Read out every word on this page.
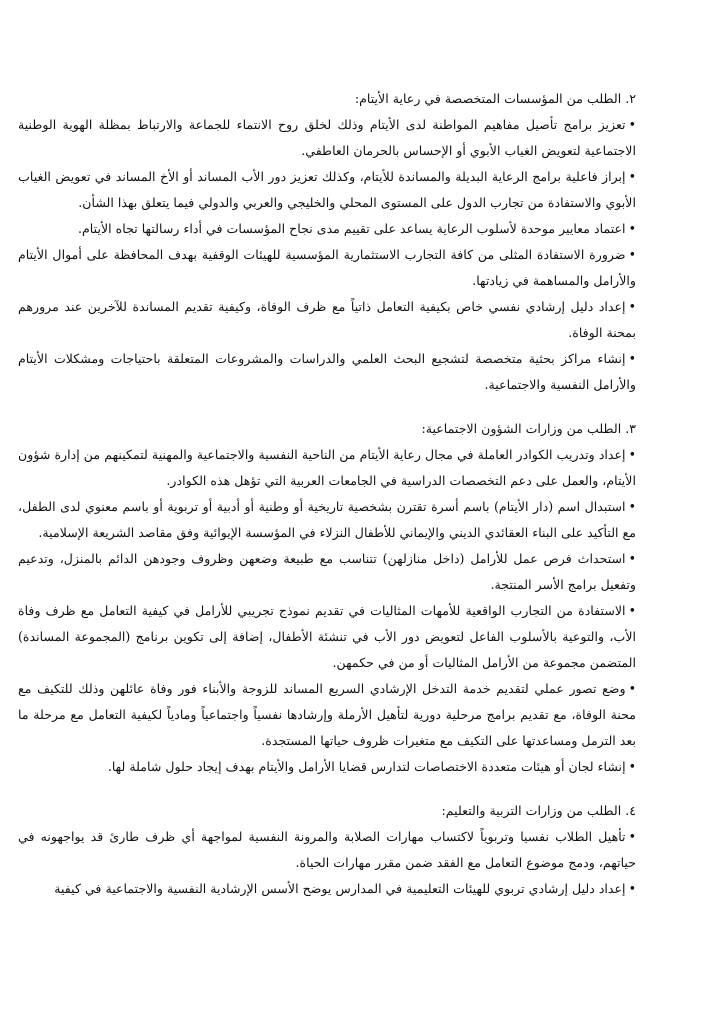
٢. الطلب من المؤسسات المتخصصة في رعاية الأيتام:

•تعزيز برامج تأصيل مفاهيم المواطنة لدى الأيتام وذلك لخلق روح الانتماء للجماعة والارتباط بمظلة الهوية الوطنية الاجتماعية لتعويض الغياب الأبوي أو الإحساس بالحرمان العاطفي.

•إبراز فاعلية برامج الرعاية البديلة والمساندة للأيتام، وكذلك تعزيز دور الأب المساند أو الأخ المساند في تعويض الغياب الأبوي والاستفادة من تجارب الدول على المستوى المحلي والخليجي والعربي والدولي فيما يتعلق بهذا الشأن.

•اعتماد معايير موحدة لأسلوب الرعاية يساعد على تقييم مدى نجاح المؤسسات في أداء رسالتها تجاه الأيتام.

•ضرورة الاستفادة المثلى من كافة التجارب الاستثمارية المؤسسية للهيئات الوقفية بهدف المحافظة على أموال الأيتام والأرامل والمساهمة في زيادتها.

•إعداد دليل إرشادي نفسي خاص بكيفية التعامل ذاتياً مع ظرف الوفاة، وكيفية تقديم المساندة للآخرين عند مرورهم بمحنة الوفاة.

•إنشاء مراكز بحثية متخصصة لتشجيع البحث العلمي والدراسات والمشروعات المتعلقة باحتياجات ومشكلات الأيتام والأرامل النفسية والاجتماعية.

٣. الطلب من وزارات الشؤون الاجتماعية:

•إعداد وتدريب الكوادر العاملة في مجال رعاية الأيتام من الناحية النفسية والاجتماعية والمهنية لتمكينهم من إدارة شؤون الأيتام، والعمل على دعم التخصصات الدراسية في الجامعات العربية التي تؤهل هذه الكوادر.

•استبدال اسم (دار الأيتام) باسم أسرة تقترن بشخصية تاريخية أو وطنية أو أدبية أو تربوية أو باسم معنوي لدى الطفل، مع التأكيد على البناء العقائدي الديني والإيماني للأطفال النزلاء في المؤسسة الإيوائية وفق مقاصد الشريعة الإسلامية.

•استحداث فرص عمل للأرامل (داخل منازلهن) تتناسب مع طبيعة وضعهن وظروف وجودهن الدائم بالمنزل، وتدعيم وتفعيل برامج الأسر المنتجة.

•الاستفادة من التجارب الواقعية للأمهات المثاليات في تقديم نموذج تجريبي للأرامل في كيفية التعامل مع ظرف وفاة الأب، والتوعية بالأسلوب الفاعل لتعويض دور الأب في تنشئة الأطفال، إضافة إلى تكوين برنامج (المجموعة المساندة) المتضمن مجموعة من الأرامل المثاليات أو من في حكمهن.

•وضع تصور عملي لتقديم خدمة التدخل الإرشادي السريع المساند للزوجة والأبناء فور وفاة عائلهن وذلك للتكيف مع محنة الوفاة، مع تقديم برامج مرحلية دورية لتأهيل الأرملة وإرشادها نفسياً واجتماعياً ومادياً لكيفية التعامل مع مرحلة ما بعد الترمل ومساعدتها على التكيف مع متغيرات ظروف حياتها المستجدة.

•إنشاء لجان أو هيئات متعددة الاختصاصات لتدارس قضايا الأرامل والأيتام بهدف إيجاد حلول شاملة لها.

٤. الطلب من وزارات التربية والتعليم:

•تأهيل الطلاب نفسيا وتربوياً لاكتساب مهارات الصلابة والمرونة النفسية لمواجهة أي ظرف طارئ قد يواجهونه في حياتهم، ودمج موضوع التعامل مع الفقد ضمن مقرر مهارات الحياة.

•إعداد دليل إرشادي تربوي للهيئات التعليمية في المدارس يوضح الأسس الإرشادية النفسية والاجتماعية في كيفية
